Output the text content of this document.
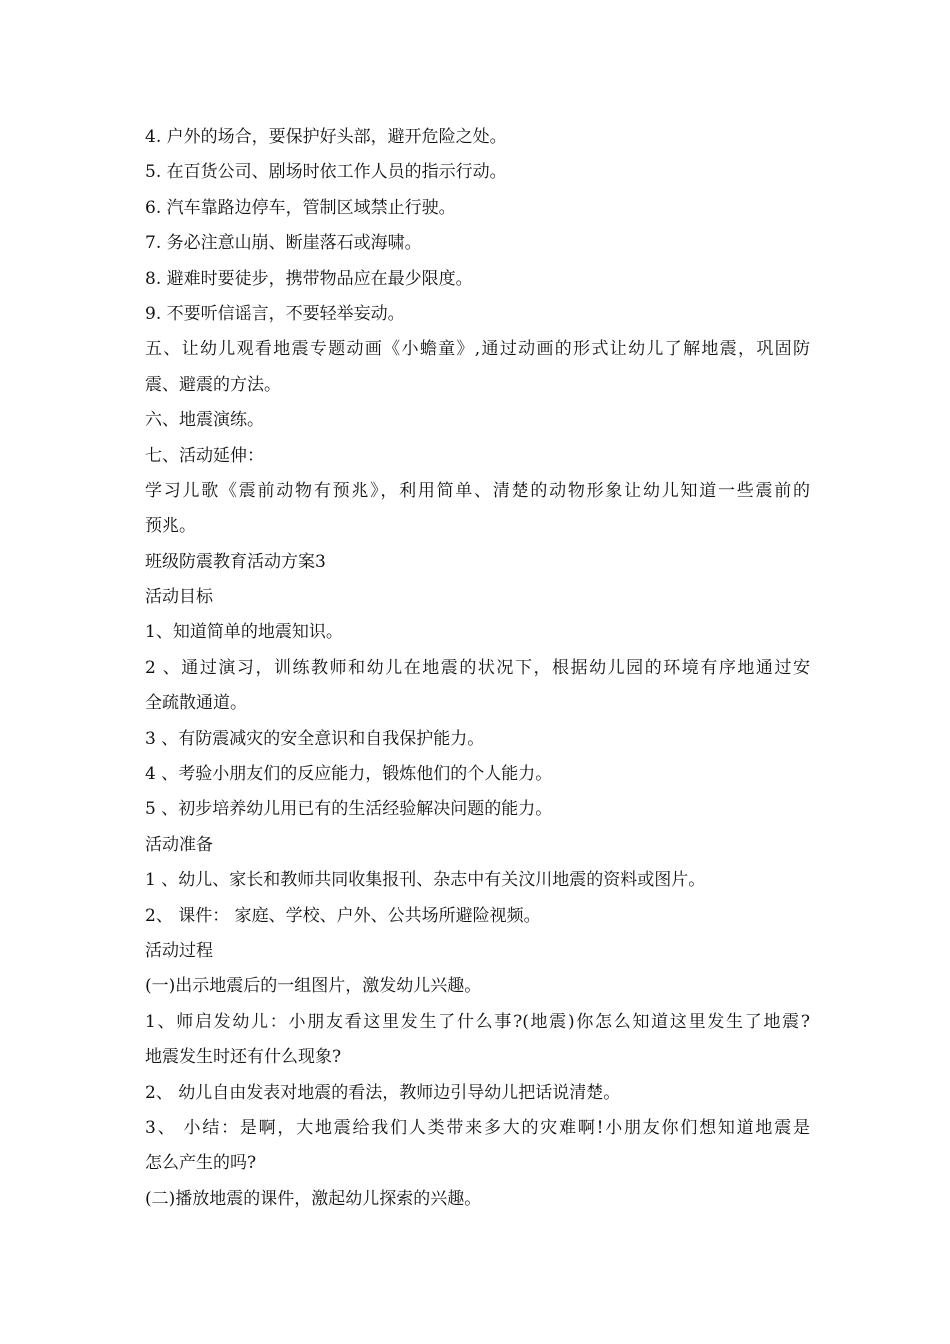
4. 户外的场合，要保护好头部，避开危险之处。
5. 在百货公司、剧场时依工作人员的指示行动。
6. 汽车靠路边停车，管制区域禁止行驶。
7. 务必注意山崩、断崖落石或海啸。
8. 避难时要徒步，携带物品应在最少限度。
9. 不要听信谣言，不要轻举妄动。
五、让幼儿观看地震专题动画《小蟾童》,通过动画的形式让幼儿了解地震，巩固防
震、避震的方法。
六、地震演练。
七、活动延伸：
学习儿歌《震前动物有预兆》，利用简单、清楚的动物形象让幼儿知道一些震前的
预兆。
班级防震教育活动方案3
活动目标
1、知道简单的地震知识。
2 、通过演习，训练教师和幼儿在地震的状况下，根据幼儿园的环境有序地通过安
全疏散通道。
3 、有防震减灾的安全意识和自我保护能力。
4 、考验小朋友们的反应能力，锻炼他们的个人能力。
5 、初步培养幼儿用已有的生活经验解决问题的能力。
活动准备
1 、幼儿、家长和教师共同收集报刊、杂志中有关汶川地震的资料或图片。
2、 课件： 家庭、学校、户外、公共场所避险视频。
活动过程
(一)出示地震后的一组图片，激发幼儿兴趣。
1、师启发幼儿：小朋友看这里发生了什么事?(地震)你怎么知道这里发生了地震?
地震发生时还有什么现象?
2、 幼儿自由发表对地震的看法，教师边引导幼儿把话说清楚。
3、 小结：是啊，大地震给我们人类带来多大的灾难啊!小朋友你们想知道地震是
怎么产生的吗?
(二)播放地震的课件，激起幼儿探索的兴趣。
